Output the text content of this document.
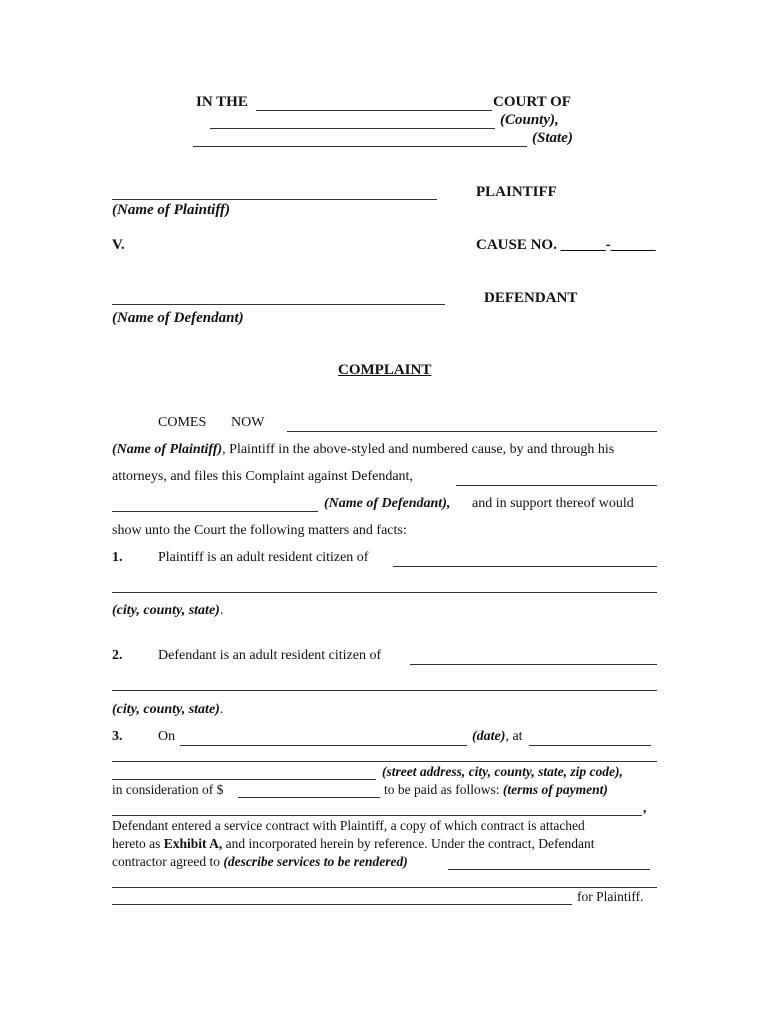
IN THE	COURT OF
(County),
(State)
PLAINTIFF
(Name of Plaintiff)
V.	CAUSE NO. ______-______
DEFENDANT
(Name of Defendant)
COMPLAINT
COMES NOW
(Name of Plaintiff), Plaintiff in the above-styled and numbered cause, by and through his
attorneys, and files this Complaint against Defendant,
(Name of Defendant), and in support thereof would
show unto the Court the following matters and facts:
1.	Plaintiff is an adult resident citizen of
(city, county, state).
2.	Defendant is an adult resident citizen of
(city, county, state).
3.	On	(date), at
(street address, city, county, state, zip code),
in consideration of $	to be paid as follows: (terms of payment)
,
Defendant entered a service contract with Plaintiff, a copy of which contract is attached
hereto as Exhibit A, and incorporated herein by reference. Under the contract, Defendant
contractor agreed to (describe services to be rendered)
for Plaintiff.
